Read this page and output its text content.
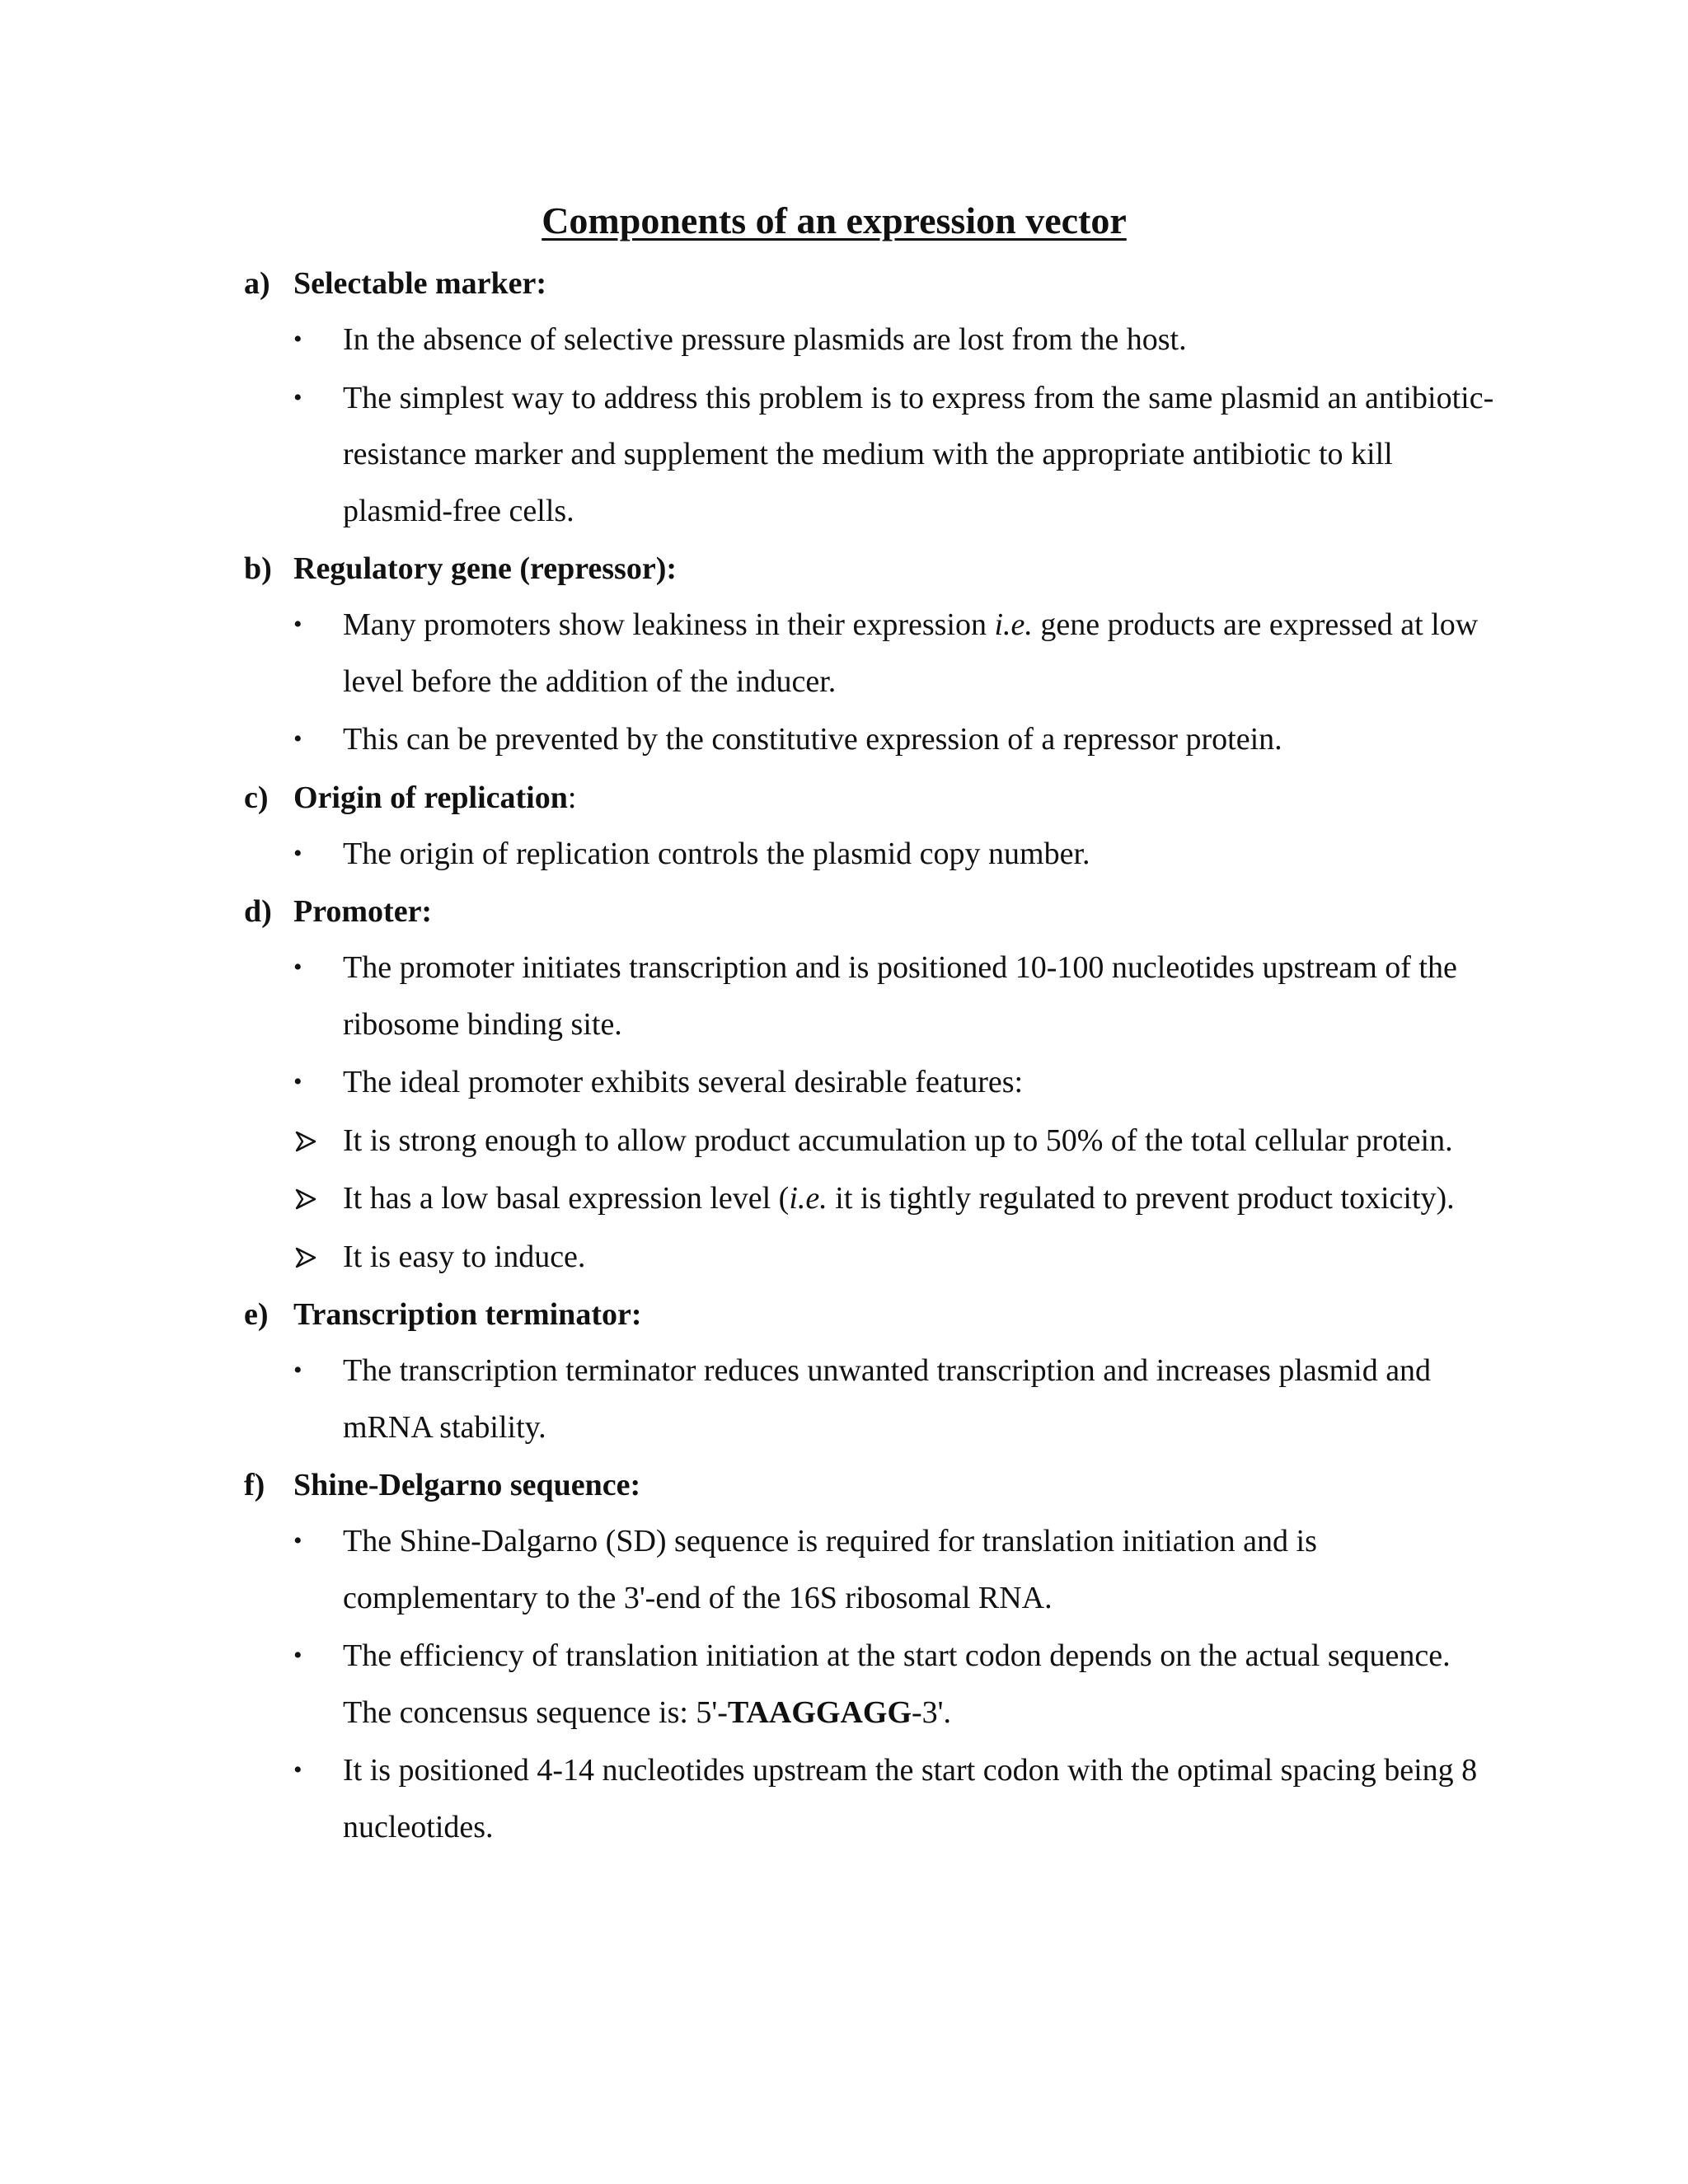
Components of an expression vector
a) Selectable marker:
•	In the absence of selective pressure plasmids are lost from the host.

•	The simplest way to address this problem is to express from the same plasmid an antibiotic-resistance marker and supplement the medium with the appropriate antibiotic to kill plasmid-free cells.

b) Regulatory gene (repressor):
•	Many promoters show leakiness in their expression i.e. gene products are expressed at low level before the addition of the inducer.

•	This can be prevented by the constitutive expression of a repressor protein.

c) Origin of replication:
•	The origin of replication controls the plasmid copy number.

d) Promoter:
•	The promoter initiates transcription and is positioned 10-100 nucleotides upstream of the ribosome binding site.

•	The ideal promoter exhibits several desirable features:

It is strong enough to allow product accumulation up to 50% of the total cellular protein.

It has a low basal expression level (i.e. it is tightly regulated to prevent product toxicity).

It is easy to induce.

e) Transcription terminator:
•	The transcription terminator reduces unwanted transcription and increases plasmid and mRNA stability.

f) Shine-Delgarno sequence:
•	The Shine-Dalgarno (SD) sequence is required for translation initiation and is complementary to the 3'-end of the 16S ribosomal RNA.

•	The efficiency of translation initiation at the start codon depends on the actual sequence. The concensus sequence is: 5'-TAAGGAGG-3'.

•	It is positioned 4-14 nucleotides upstream the start codon with the optimal spacing being 8 nucleotides.
